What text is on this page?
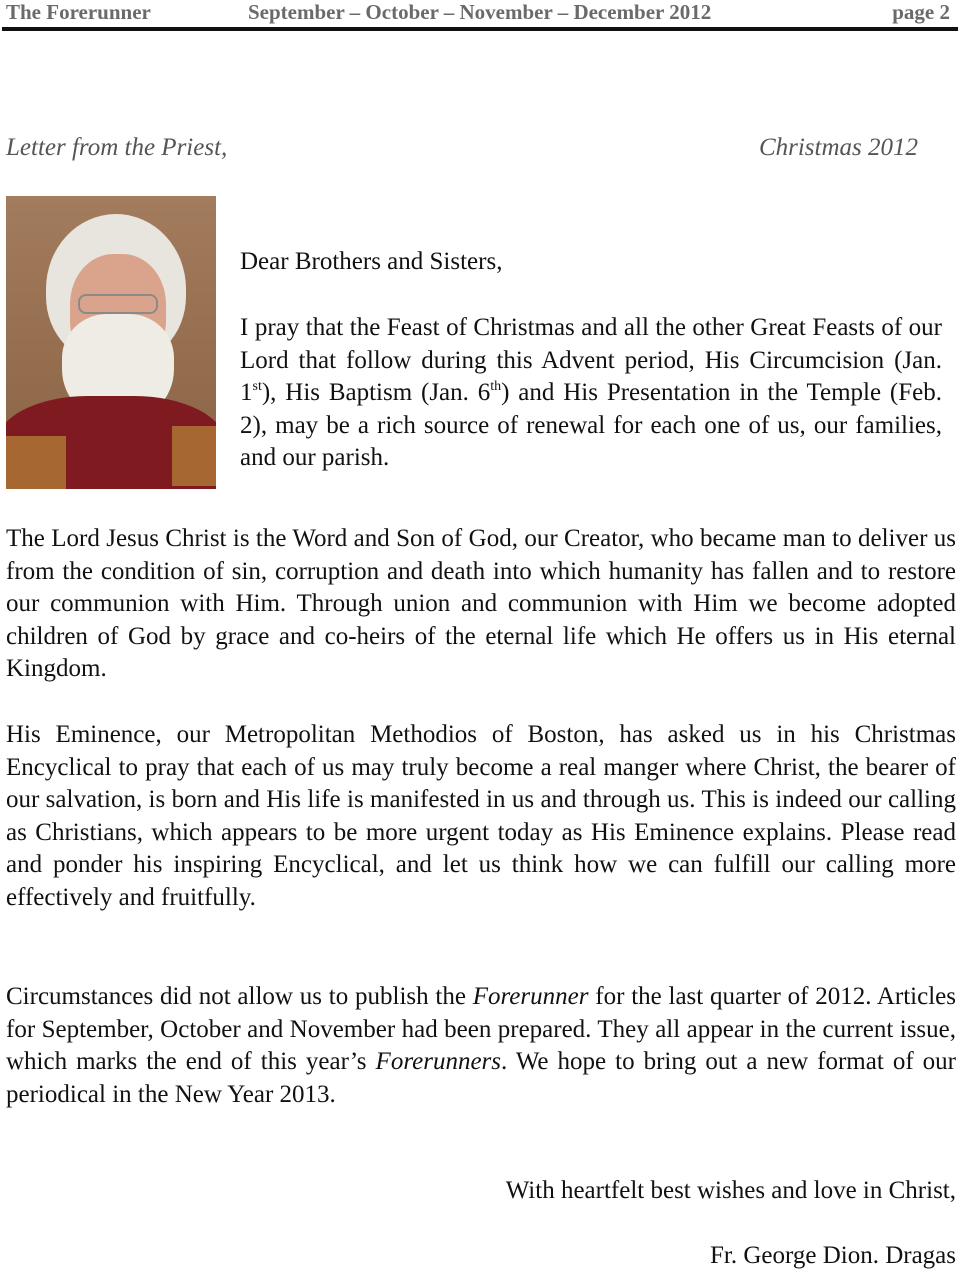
The Forerunner	September – October – November – December 2012	page 2
Letter from the Priest,	Christmas 2012

Dear Brothers and Sisters,

I pray that the Feast of Christmas and all the other Great Feasts of our Lord that follow during this Advent period, His Circumcision (Jan. 1st), His Baptism (Jan. 6th) and His Presentation in the Temple (Feb. 2), may be a rich source of renewal for each one of us, our families, and our parish.

The Lord Jesus Christ is the Word and Son of God, our Creator, who became man to deliver us from the condition of sin, corruption and death into which humanity has fallen and to restore our communion with Him. Through union and communion with Him we become adopted children of God by grace and co-heirs of the eternal life which He offers us in His eternal Kingdom.

His Eminence, our Metropolitan Methodios of Boston, has asked us in his Christmas Encyclical to pray that each of us may truly become a real manger where Christ, the bearer of our salvation, is born and His life is manifested in us and through us. This is indeed our calling as Christians, which appears to be more urgent today as His Eminence explains. Please read and ponder his inspiring Encyclical, and let us think how we can fulfill our calling more effectively and fruitfully.

Circumstances did not allow us to publish the Forerunner for the last quarter of 2012. Articles for September, October and November had been prepared. They all appear in the current issue, which marks the end of this year’s Forerunners. We hope to bring out a new format of our periodical in the New Year 2013.

With heartfelt best wishes and love in Christ,
Fr. George Dion. Dragas
